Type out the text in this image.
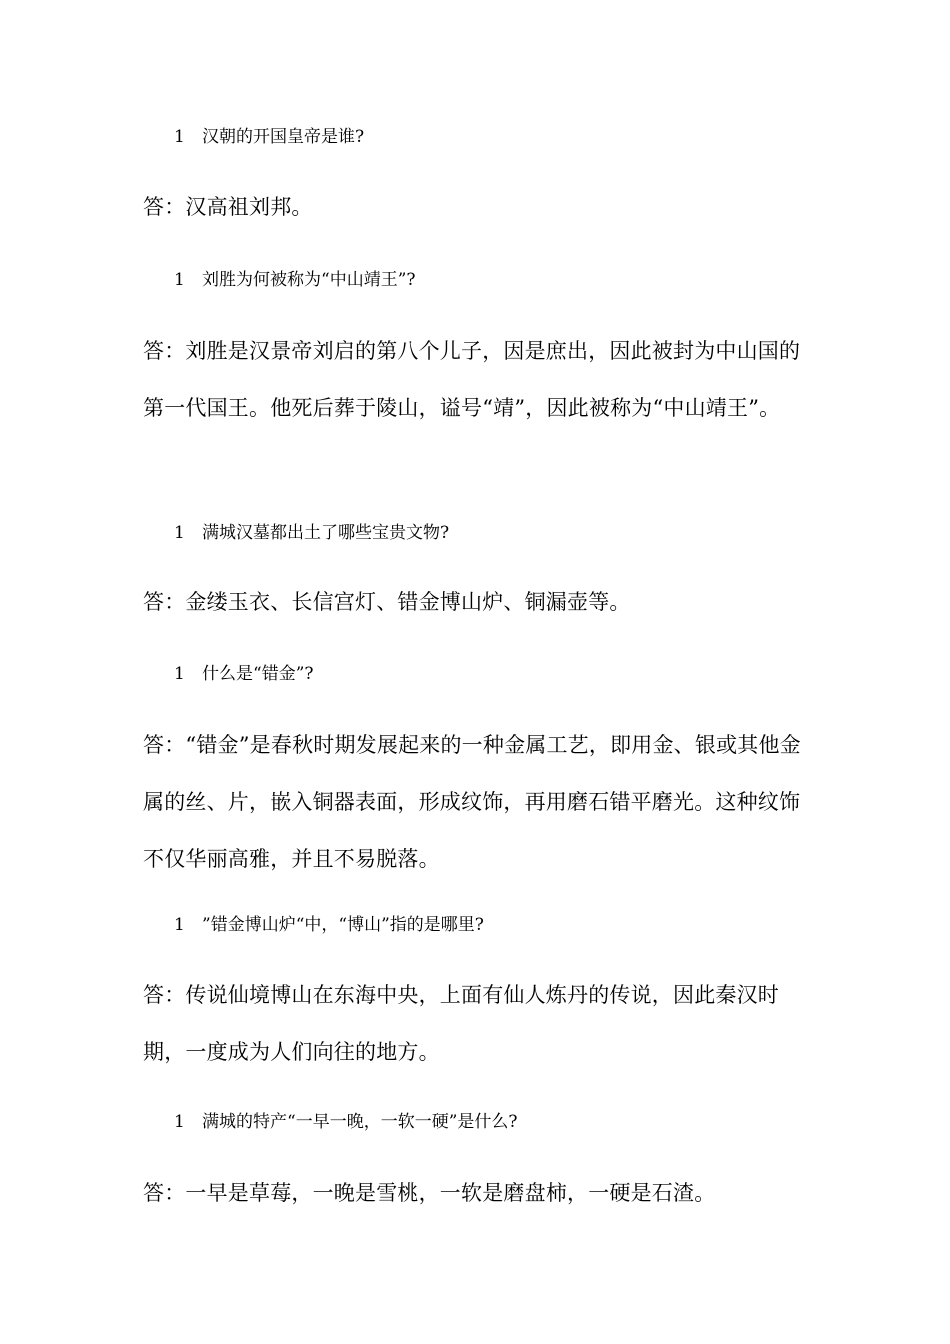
1 汉朝的开国皇帝是谁?
答：汉高祖刘邦。
1 刘胜为何被称为“中山靖王”?
答：刘胜是汉景帝刘启的第八个儿子，因是庶出，因此被封为中山国的第一代国王。他死后葬于陵山，谥号“靖”，因此被称为“中山靖王”。
1 满城汉墓都出土了哪些宝贵文物?
答：金缕玉衣、长信宫灯、错金博山炉、铜漏壶等。
1 什么是“错金”?
答：“错金”是春秋时期发展起来的一种金属工艺，即用金、银或其他金属的丝、片，嵌入铜器表面，形成纹饰，再用磨石错平磨光。这种纹饰不仅华丽高雅，并且不易脱落。
1 ”错金博山炉“中，“博山”指的是哪里?
答：传说仙境博山在东海中央，上面有仙人炼丹的传说，因此秦汉时期，一度成为人们向往的地方。
1 满城的特产“一早一晚，一软一硬”是什么?
答：一早是草莓，一晚是雪桃，一软是磨盘柿，一硬是石渣。
